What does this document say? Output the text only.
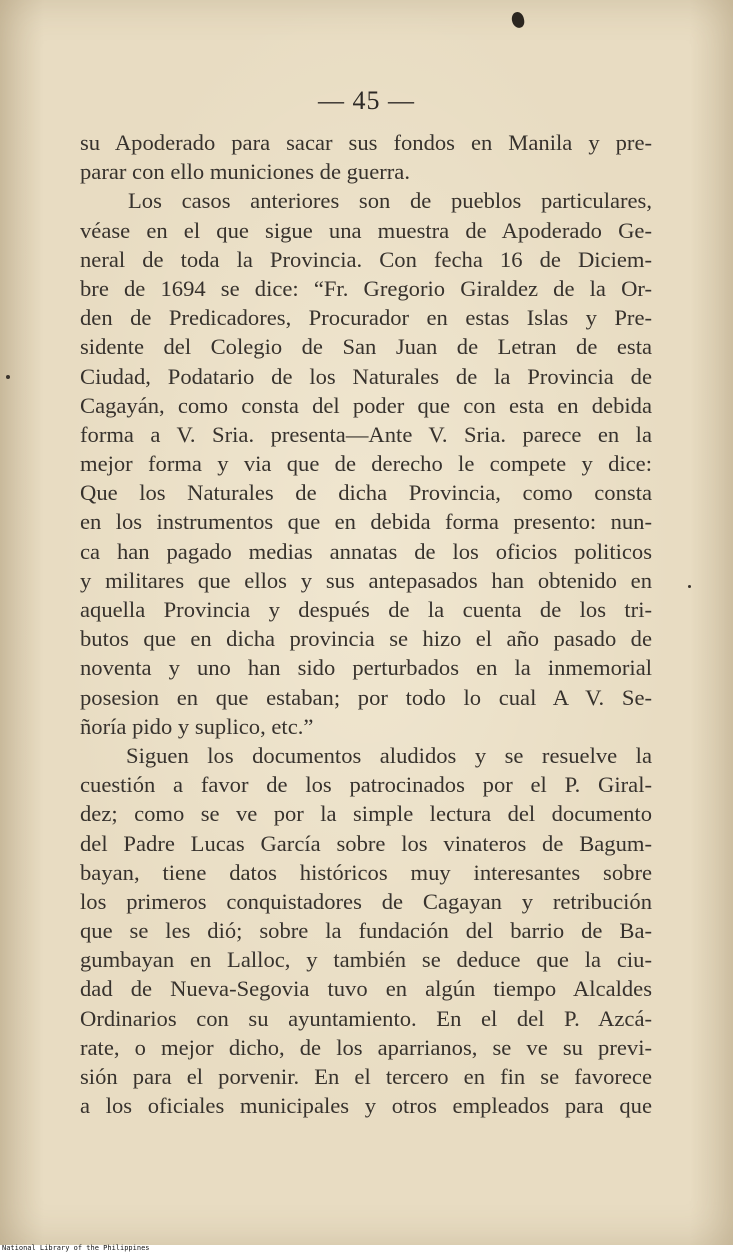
— 45 —
su Apoderado para sacar sus fondos en Manila y pre-
parar con ello municiones de guerra.
Los casos anteriores son de pueblos particulares,
véase en el que sigue una muestra de Apoderado Ge-
neral de toda la Provincia. Con fecha 16 de Diciem-
bre de 1694 se dice: “Fr. Gregorio Giraldez de la Or-
den de Predicadores, Procurador en estas Islas y Pre-
sidente del Colegio de San Juan de Letran de esta
Ciudad, Podatario de los Naturales de la Provincia de
Cagayán, como consta del poder que con esta en debida
forma a V. Sria. presenta—Ante V. Sria. parece en la
mejor forma y via que de derecho le compete y dice:
Que los Naturales de dicha Provincia, como consta
en los instrumentos que en debida forma presento: nun-
ca han pagado medias annatas de los oficios politicos
y militares que ellos y sus antepasados han obtenido en
aquella Provincia y después de la cuenta de los tri-
butos que en dicha provincia se hizo el año pasado de
noventa y uno han sido perturbados en la inmemorial
posesion en que estaban; por todo lo cual A V. Se-
ñoría pido y suplico, etc.”
Siguen los documentos aludidos y se resuelve la
cuestión a favor de los patrocinados por el P. Giral-
dez; como se ve por la simple lectura del documento
del Padre Lucas García sobre los vinateros de Bagum-
bayan, tiene datos históricos muy interesantes sobre
los primeros conquistadores de Cagayan y retribución
que se les dió; sobre la fundación del barrio de Ba-
gumbayan en Lalloc, y también se deduce que la ciu-
dad de Nueva-Segovia tuvo en algún tiempo Alcaldes
Ordinarios con su ayuntamiento. En el del P. Azcá-
rate, o mejor dicho, de los aparrianos, se ve su previ-
sión para el porvenir. En el tercero en fin se favorece
a los oficiales municipales y otros empleados para que
National Library of the Philippines
